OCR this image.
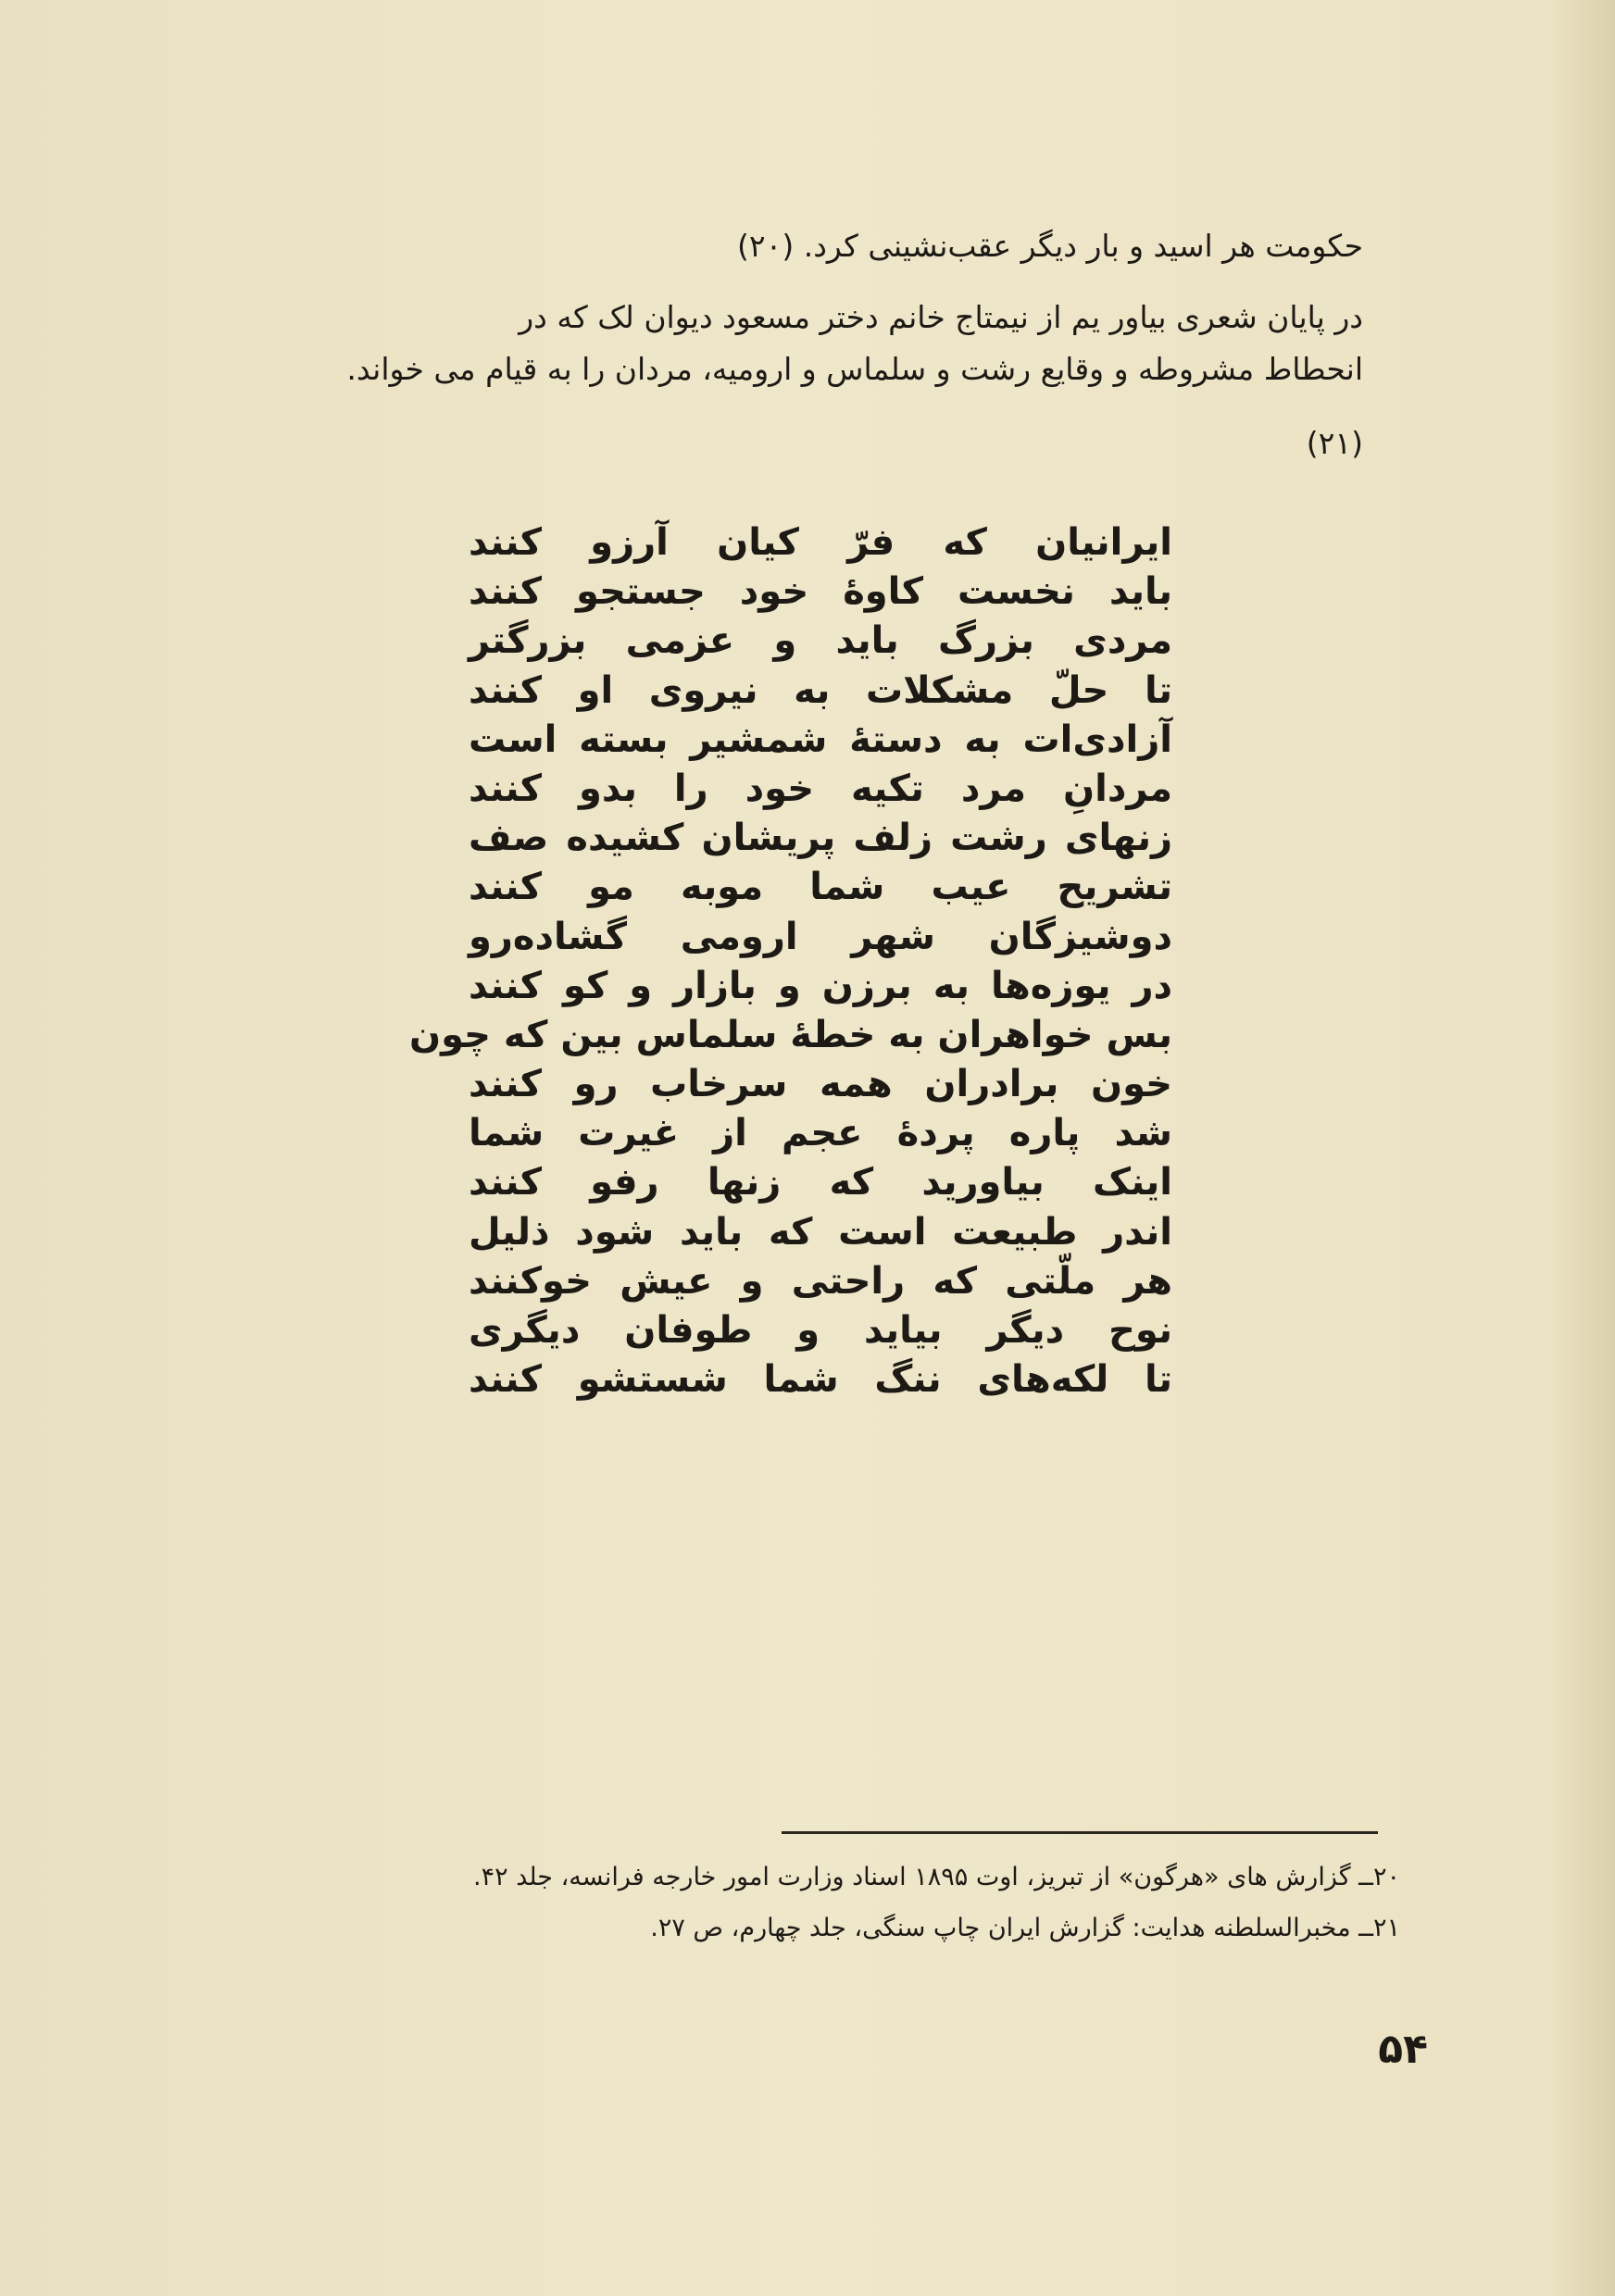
حکومت هر اسید و بار دیگر عقب‌نشینی کرد. (۲۰)
در پایان شعری بیاور یم از نیمتاج خانم دختر مسعود دیوان لک که در
انحطاط مشروطه و وقایع رشت و سلماس و ارومیه، مردان را به قیام می خواند.
(۲۱)
ایرانیان که فرّ کیان آرزو کنند
باید نخست کاوهٔ خود جستجو کنند
مردی بزرگ باید و عزمی بزرگتر
تا حلّ مشکلات به نیروی او کنند
آزادی‌ات به دستهٔ شمشیر بسته است
مردانِ مرد تکیه خود را بدو کنند
زنهای رشت زلف پریشان کشیده صف
تشریح عیب شما موبه مو کنند
دوشیزگان شهر ارومی گشاده‌رو
در یوزه‌ها به برزن و بازار و کو کنند
بس خواهران به خطهٔ سلماس بین که چون
خون برادران همه سرخاب رو کنند
شد پاره پردهٔ عجم از غیرت شما
اینک بیاورید که زنها رفو کنند
اندر طبیعت است که باید شود ذلیل
هر ملّتی که راحتی و عیش خوکنند
نوح دیگر بیاید و طوفان دیگری
تا لکه‌های ننگ شما شستشو کنند
۲۰ــ گزارش های «هرگون» از تبریز، اوت ۱۸۹۵ اسناد وزارت امور خارجه فرانسه، جلد ۴۲.
۲۱ــ مخبرالسلطنه هدایت: گزارش ایران چاپ سنگی، جلد چهارم، ص ۲۷.
۵۴
